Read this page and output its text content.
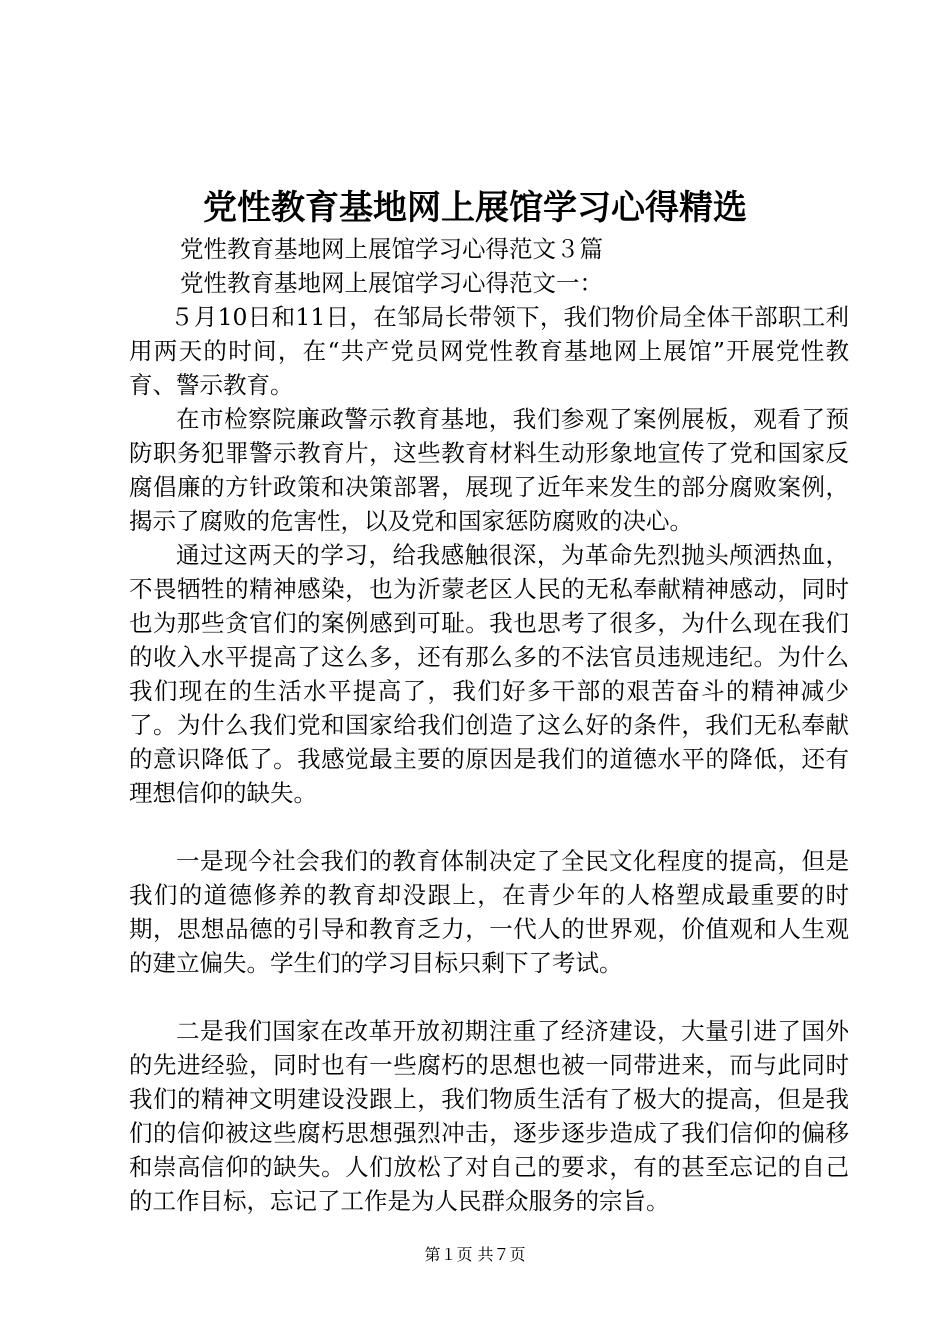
党性教育基地网上展馆学习心得精选

党性教育基地网上展馆学习心得范文３篇

党性教育基地网上展馆学习心得范文一：

５月10日和11日，在邹局长带领下，我们物价局全体干部职工利用两天的时间，在“共产党员网党性教育基地网上展馆”开展党性教育、警示教育。

在市检察院廉政警示教育基地，我们参观了案例展板，观看了预防职务犯罪警示教育片，这些教育材料生动形象地宣传了党和国家反腐倡廉的方针政策和决策部署，展现了近年来发生的部分腐败案例，揭示了腐败的危害性，以及党和国家惩防腐败的决心。

通过这两天的学习，给我感触很深，为革命先烈抛头颅洒热血，不畏牺牲的精神感染，也为沂蒙老区人民的无私奉献精神感动，同时也为那些贪官们的案例感到可耻。我也思考了很多，为什么现在我们的收入水平提高了这么多，还有那么多的不法官员违规违纪。为什么我们现在的生活水平提高了，我们好多干部的艰苦奋斗的精神减少了。为什么我们党和国家给我们创造了这么好的条件，我们无私奉献的意识降低了。我感觉最主要的原因是我们的道德水平的降低，还有理想信仰的缺失。

一是现今社会我们的教育体制决定了全民文化程度的提高，但是我们的道德修养的教育却没跟上，在青少年的人格塑成最重要的时期，思想品德的引导和教育乏力，一代人的世界观，价值观和人生观的建立偏失。学生们的学习目标只剩下了考试。

二是我们国家在改革开放初期注重了经济建设，大量引进了国外的先进经验，同时也有一些腐朽的思想也被一同带进来，而与此同时我们的精神文明建设没跟上，我们物质生活有了极大的提高，但是我们的信仰被这些腐朽思想强烈冲击，逐步逐步造成了我们信仰的偏移和崇高信仰的缺失。人们放松了对自己的要求，有的甚至忘记的自己的工作目标，忘记了工作是为人民群众服务的宗旨。

第１页 共７页
